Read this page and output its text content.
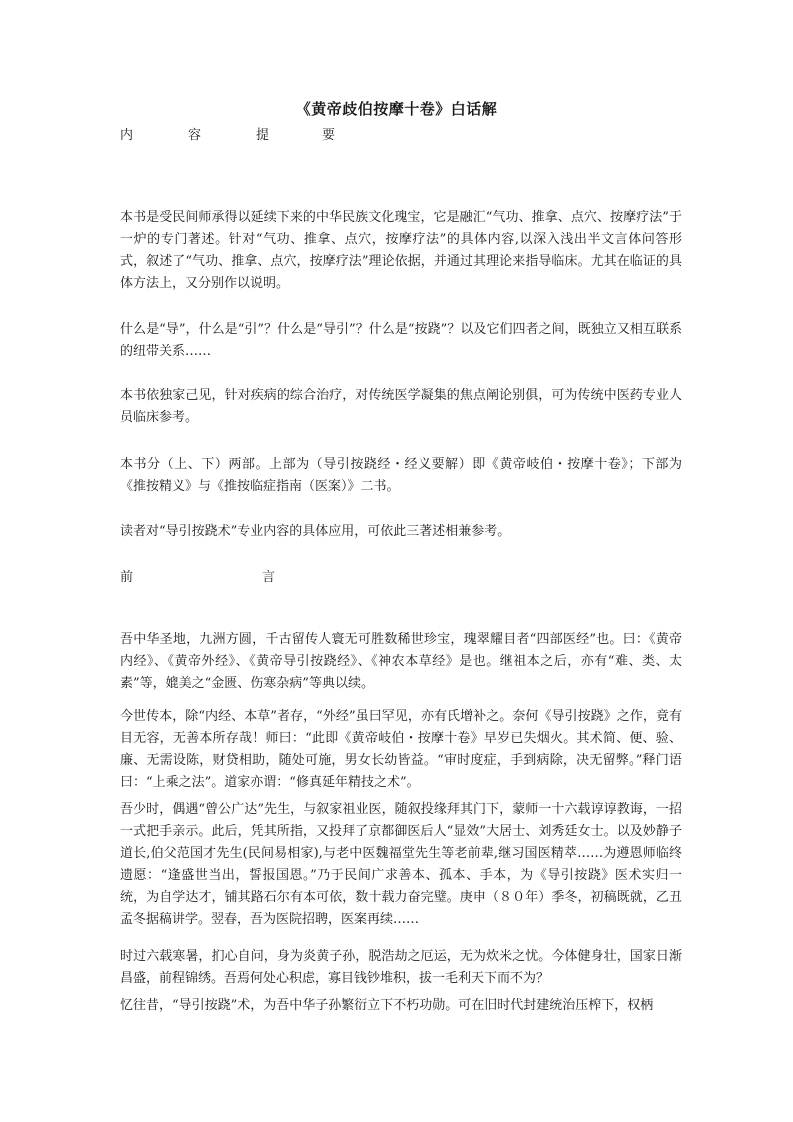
《黄帝歧伯按摩十卷》白话解
内	容	提	要

本书是受民间师承得以延续下来的中华民族文化瑰宝，它是融汇“气功、推拿、点穴、按摩疗法”于一炉的专门著述。针对“气功、推拿、点穴，按摩疗法”的具体内容,以深入浅出半文言体问答形式，叙述了“气功、推拿、点穴，按摩疗法”理论依据，并通过其理论来指导临床。尤其在临证的具体方法上，又分别作以说明。

什么是“导”，什么是“引”？什么是“导引”？什么是“按跷”？以及它们四者之间，既独立又相互联系的纽带关系……

本书依独家己见，针对疾病的综合治疗，对传统医学凝集的焦点阐论别俱，可为传统中医药专业人员临床参考。

本书分（上、下）两部。上部为（导引按跷经・经义要解）即《黄帝岐伯・按摩十卷》；下部为《推按精义》与《推按临症指南（医案）》二书。

读者对“导引按跷术”专业内容的具体应用，可依此三著述相兼参考。

前	言

吾中华圣地，九洲方圆，千古留传人寰无可胜数稀世珍宝，瑰翠耀目者“四部医经”也。曰：《黄帝内经》、《黄帝外经》、《黄帝导引按跷经》、《神农本草经》是也。继祖本之后，亦有“难、类、太素”等，媲美之“金匮、伤寒杂病”等典以续。

今世传本，除“内经、本草”者存，“外经”虽曰罕见，亦有氏增补之。奈何《导引按跷》之作，竟有目无容，无善本所存哉！师曰：“此即《黄帝岐伯・按摩十卷》早岁已失烟火。其术简、便、验、廉、无需设陈，财贷相助，随处可施，男女长幼皆益。“审时度症，手到病除，决无留弊。”释门语曰：“上乘之法”。道家亦谓：“修真延年精技之术”。

吾少时，偶遇“曾公广达”先生，与叙家祖业医，随叙投缘拜其门下，蒙师一十六载谆谆教诲，一招一式把手亲示。此后，凭其所指，又投拜了京都御医后人“显效”大居士、刘秀廷女士。以及妙静子道长,伯父范国才先生(民间易相家),与老中医魏福堂先生等老前辈,继习国医精萃……为遵恩师临终遗愿：“逢盛世当出，誓报国恩。”乃于民间广求善本、孤本、手本，为《导引按跷》医术实归一统，为自学达才，铺其路石尔有本可依，数十载力奋完璧。庚申（８０年）季冬，初稿既就，乙丑孟冬据稿讲学。翌春，吾为医院招聘，医案再续……

时过六载寒暑，扪心自问，身为炎黄子孙，脱浩劫之厄运，无为炊米之忧。今体健身壮，国家日渐昌盛，前程锦绣。吾焉何处心积虑，寡目钱钞堆积，拔一毛利天下而不为？

忆往昔，“导引按跷”术，为吾中华子孙繁衍立下不朽功勋。可在旧时代封建统治压榨下，权柄
